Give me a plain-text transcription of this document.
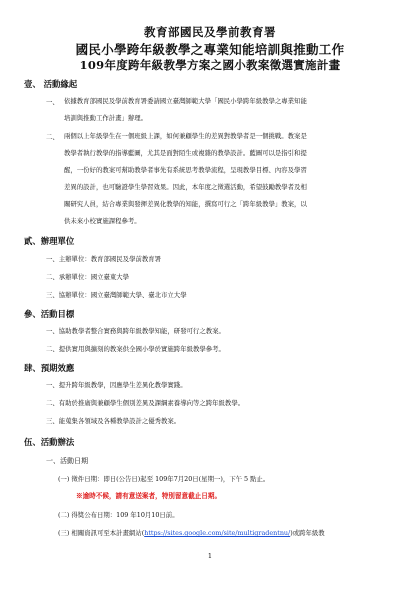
教育部國民及學前教育署
國民小學跨年級教學之專業知能培訓與推動工作
109年度跨年級教學方案之國小教案徵選實施計畫
壹、 活動緣起
一、 依據教育部國民及學前教育署委請國立臺灣師範大學「國民小學跨年級教學之專業知能
培訓與推動工作計畫」辦理。
二、 兩個以上年級學生在一個班級上課，如何兼顧學生的差異對教學者是一個挑戰。教案是
教學者執行教學的指導藍圖，尤其是面對陌生或複雜的教學設計。藍圖可以是指引和提
醒，一份好的教案可幫助教學者事先有系統思考教學流程，呈現教學目標、內容及學習
差異的設計，也可驗證學生學習效果。因此，本年度之徵選活動，希望鼓勵教學者及相
關研究人員，結合專業與發揮差異化教學的知能，撰寫可行之「跨年級教學」教案，以
供未來小校實施課程參考。
貳、辦理單位
一、主辦單位：教育部國民及學前教育署
二、承辦單位：國立臺東大學
三、協辦單位：國立臺灣師範大學、臺北市立大學
參、活動目標
一、協助教學者整合實務與跨年級教學知能，研發可行之教案。
二、提供實用與擴刻的教案供全國小學於實施跨年級教學參考。
肆、預期效應
一、提升跨年級教學，因應學生差異化教學實踐。
二、有助於推廣與兼顧學生個別差異及課綱素養導向等之跨年級教學。
三、能蒐集各領域及各種教學設計之優秀教案。
伍、活動辦法
一、活動日期
(一) 徵件日期：即日(公告日)起至 109年7月20日(星期一)，下午 5 點止。
※逾時不候，請有意送案者，特別留意截止日期。
(二) 得獎公布日期：109 年10月10日前。
(三) 相關資訊可至本計畫網站(https://sites.google.com/site/multigradentnu/)或跨年級教
1
